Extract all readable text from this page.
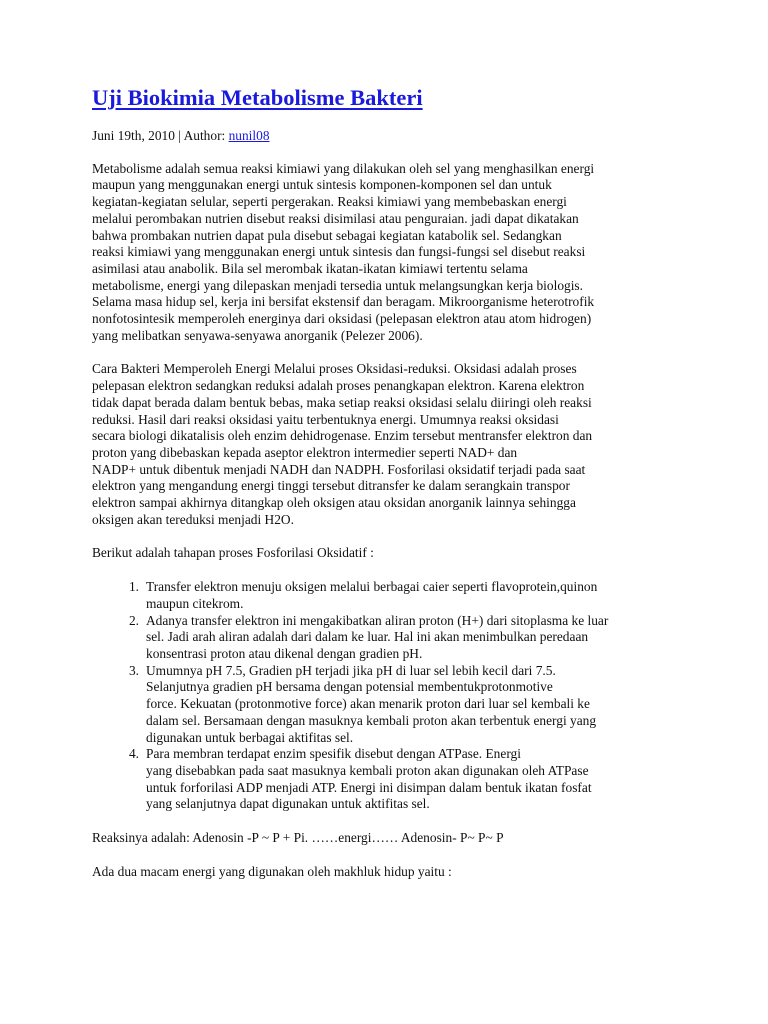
Uji Biokimia Metabolisme Bakteri
Juni 19th, 2010 | Author: nunil08
Metabolisme adalah semua reaksi kimiawi yang dilakukan oleh sel yang menghasilkan energi
maupun yang menggunakan energi untuk sintesis komponen-komponen sel dan untuk
kegiatan-kegiatan selular, seperti pergerakan. Reaksi kimiawi yang membebaskan energi
melalui perombakan nutrien disebut reaksi disimilasi atau penguraian. jadi dapat dikatakan
bahwa prombakan nutrien dapat pula disebut sebagai kegiatan katabolik sel. Sedangkan
reaksi kimiawi yang menggunakan energi untuk sintesis dan fungsi-fungsi sel disebut reaksi
asimilasi atau anabolik. Bila sel merombak ikatan-ikatan kimiawi tertentu selama
metabolisme, energi yang dilepaskan menjadi tersedia untuk melangsungkan kerja biologis.
Selama masa hidup sel, kerja ini bersifat ekstensif dan beragam. Mikroorganisme heterotrofik
nonfotosintesik memperoleh energinya dari oksidasi (pelepasan elektron atau atom hidrogen)
yang melibatkan senyawa-senyawa anorganik (Pelezer 2006).
Cara Bakteri Memperoleh Energi Melalui proses Oksidasi-reduksi. Oksidasi adalah proses
pelepasan elektron sedangkan reduksi adalah proses penangkapan elektron. Karena elektron
tidak dapat berada dalam bentuk bebas, maka setiap reaksi oksidasi selalu diiringi oleh reaksi
reduksi. Hasil dari reaksi oksidasi yaitu terbentuknya energi. Umumnya reaksi oksidasi
secara biologi dikatalisis oleh enzim dehidrogenase. Enzim tersebut mentransfer elektron dan
proton yang dibebaskan kepada aseptor elektron intermedier seperti NAD+ dan
NADP+ untuk dibentuk menjadi NADH dan NADPH. Fosforilasi oksidatif terjadi pada saat
elektron yang mengandung energi tinggi tersebut ditransfer ke dalam serangkain transpor
elektron sampai akhirnya ditangkap oleh oksigen atau oksidan anorganik lainnya sehingga
oksigen akan tereduksi menjadi H2O.
Berikut adalah tahapan proses Fosforilasi Oksidatif :
1. Transfer elektron menuju oksigen melalui berbagai caier seperti flavoprotein,quinon
maupun citekrom.
2. Adanya transfer elektron ini mengakibatkan aliran proton (H+) dari sitoplasma ke luar
sel. Jadi arah aliran adalah dari dalam ke luar. Hal ini akan menimbulkan peredaan
konsentrasi proton atau dikenal dengan gradien pH.
3. Umumnya pH 7.5, Gradien pH terjadi jika pH di luar sel lebih kecil dari 7.5.
Selanjutnya gradien pH bersama dengan potensial membentukprotonmotive
force. Kekuatan (protonmotive force) akan menarik proton dari luar sel kembali ke
dalam sel. Bersamaan dengan masuknya kembali proton akan terbentuk energi yang
digunakan untuk berbagai aktifitas sel.
4. Para membran terdapat enzim spesifik disebut dengan ATPase. Energi
yang disebabkan pada saat masuknya kembali proton akan digunakan oleh ATPase
untuk forforilasi ADP menjadi ATP. Energi ini disimpan dalam bentuk ikatan fosfat
yang selanjutnya dapat digunakan untuk aktifitas sel.
Reaksinya adalah: Adenosin -P ~ P + Pi. ……energi…… Adenosin- P~ P~ P
Ada dua macam energi yang digunakan oleh makhluk hidup yaitu :
